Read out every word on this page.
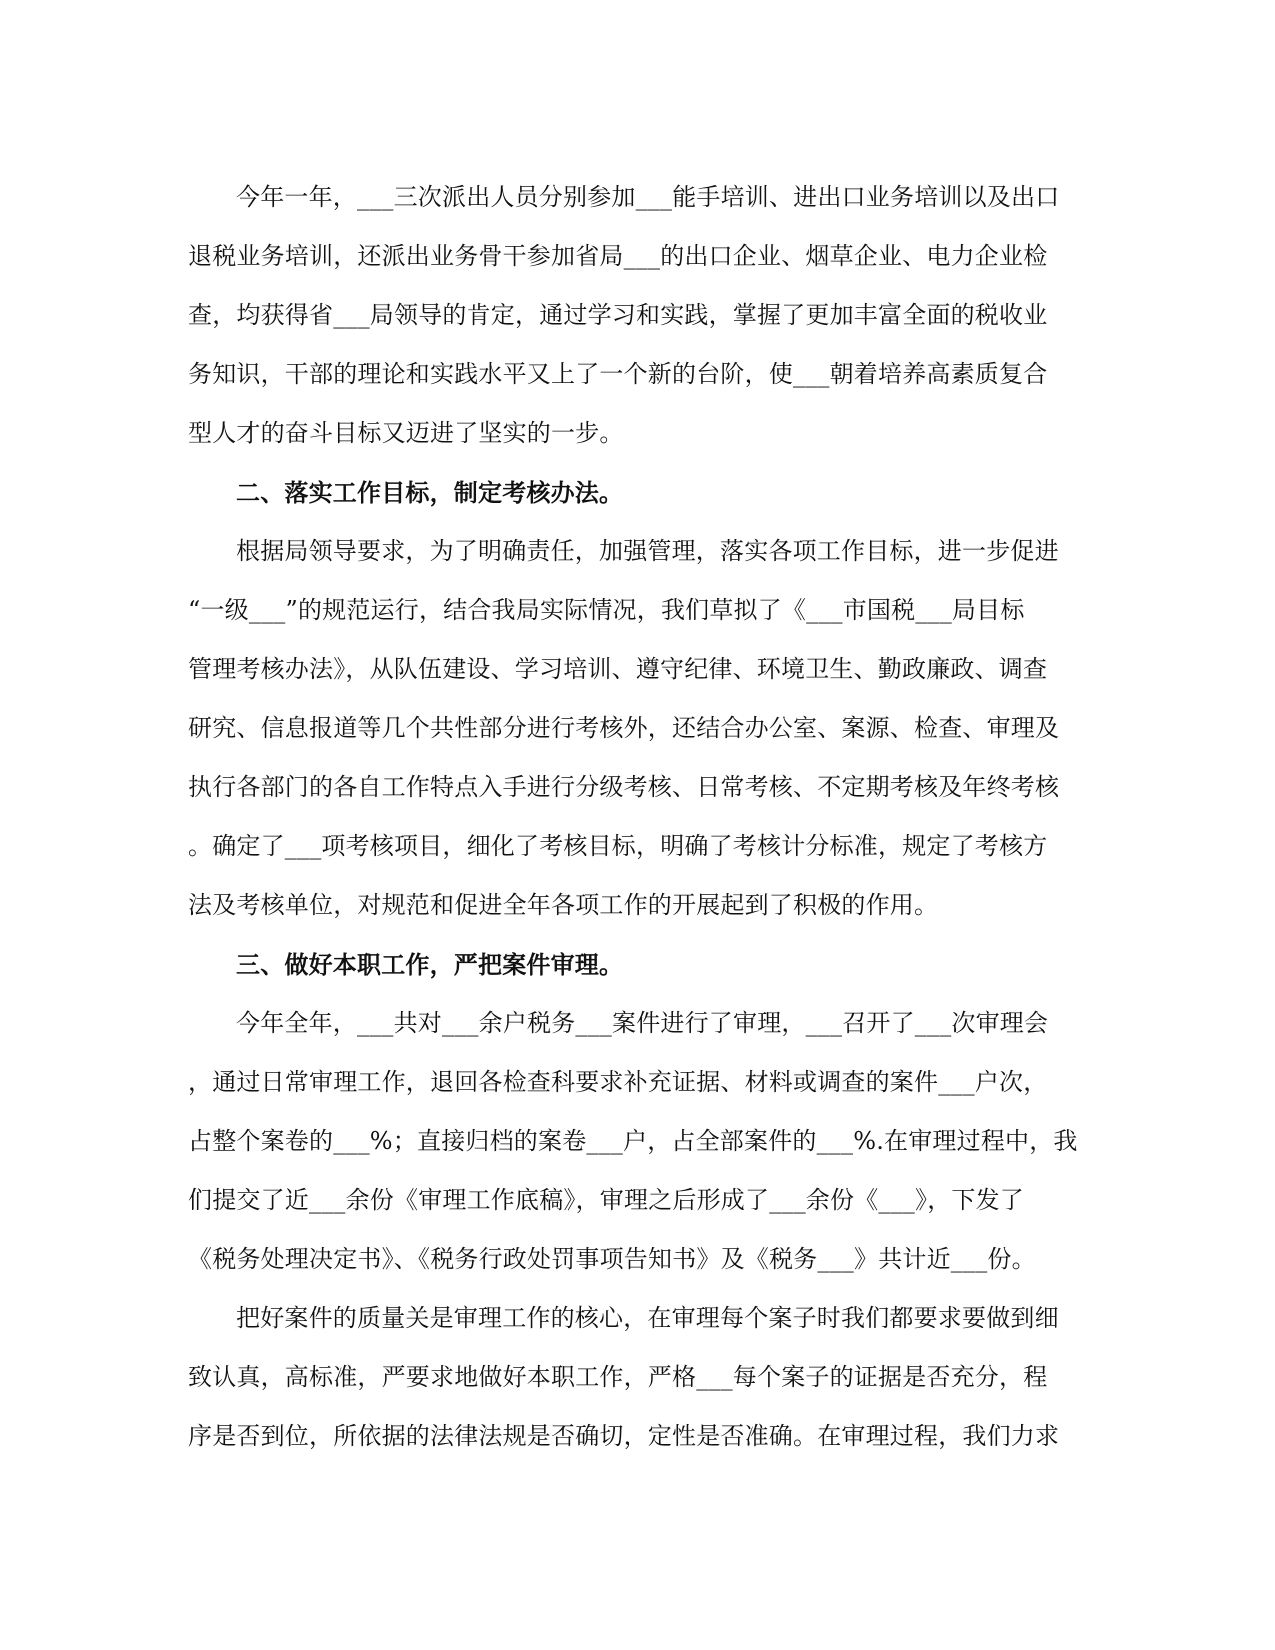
今年一年，___三次派出人员分别参加___能手培训、进出口业务培训以及出口
退税业务培训，还派出业务骨干参加省局___的出口企业、烟草企业、电力企业检
查，均获得省___局领导的肯定，通过学习和实践，掌握了更加丰富全面的税收业
务知识，干部的理论和实践水平又上了一个新的台阶，使___朝着培养高素质复合
型人才的奋斗目标又迈进了坚实的一步。
二、落实工作目标，制定考核办法。
根据局领导要求，为了明确责任，加强管理，落实各项工作目标，进一步促进
“一级___”的规范运行，结合我局实际情况，我们草拟了《___市国税___局目标
管理考核办法》，从队伍建设、学习培训、遵守纪律、环境卫生、勤政廉政、调查
研究、信息报道等几个共性部分进行考核外，还结合办公室、案源、检查、审理及
执行各部门的各自工作特点入手进行分级考核、日常考核、不定期考核及年终考核
。确定了___项考核项目，细化了考核目标，明确了考核计分标准，规定了考核方
法及考核单位，对规范和促进全年各项工作的开展起到了积极的作用。
三、做好本职工作，严把案件审理。
今年全年，___共对___余户税务___案件进行了审理，___召开了___次审理会
，通过日常审理工作，退回各检查科要求补充证据、材料或调查的案件___户次，
占整个案卷的___%；直接归档的案卷___户，占全部案件的___%.在审理过程中，我
们提交了近___余份《审理工作底稿》，审理之后形成了___余份《___》，下发了
《税务处理决定书》、《税务行政处罚事项告知书》及《税务___》共计近___份。
把好案件的质量关是审理工作的核心，在审理每个案子时我们都要求要做到细
致认真，高标准，严要求地做好本职工作，严格___每个案子的证据是否充分，程
序是否到位，所依据的法律法规是否确切，定性是否准确。在审理过程，我们力求
